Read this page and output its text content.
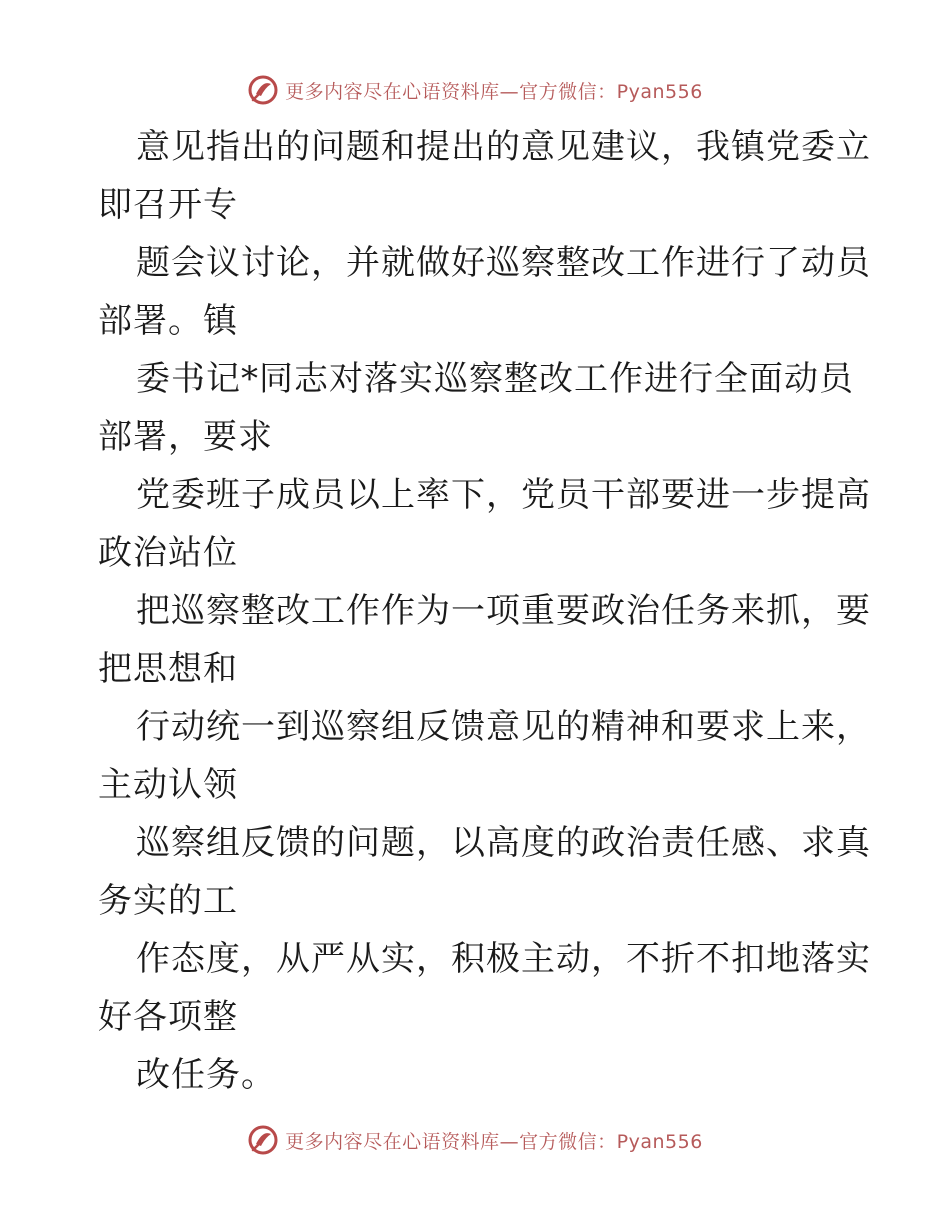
更多内容尽在心语资料库—官方微信：Pyan556
意见指出的问题和提出的意见建议，我镇党委立
即召开专
题会议讨论，并就做好巡察整改工作进行了动员
部署。镇
委书记*同志对落实巡察整改工作进行全面动员
部署，要求
党委班子成员以上率下，党员干部要进一步提高
政治站位
把巡察整改工作作为一项重要政治任务来抓，要
把思想和
行动统一到巡察组反馈意见的精神和要求上来，
主动认领
巡察组反馈的问题，以高度的政治责任感、求真
务实的工
作态度，从严从实，积极主动，不折不扣地落实
好各项整
改任务。
更多内容尽在心语资料库—官方微信：Pyan556
